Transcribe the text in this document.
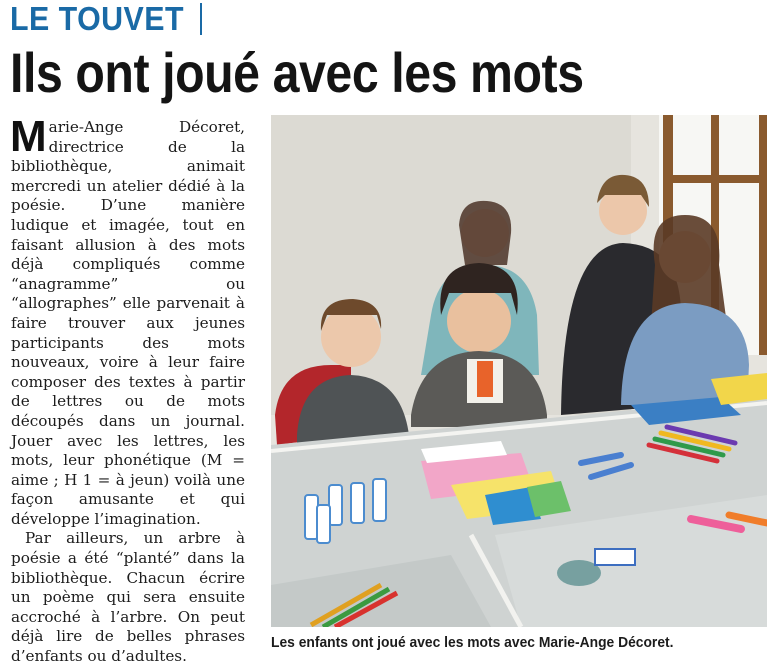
LE TOUVET
Ils ont joué avec les mots

Marie-Ange Décoret, directrice de la bibliothèque, animait mercredi un atelier dédié à la poésie. D’une manière ludique et imagée, tout en faisant allusion à des mots déjà compliqués comme “anagramme” ou “allographes” elle parvenait à faire trouver aux jeunes participants des mots nouveaux, voire à leur faire composer des textes à partir de lettres ou de mots découpés dans un journal. Jouer avec les lettres, les mots, leur phonétique (M = aime ; H 1 = à jeun) voilà une façon amusante et qui développe l’imagination.

Par ailleurs, un arbre à poésie a été “planté” dans la bibliothèque. Chacun écrire un poème qui sera ensuite accroché à l’arbre. On peut déjà lire de belles phrases d’enfants ou d’adultes.

Les enfants ont joué avec les mots avec Marie-Ange Décoret.
